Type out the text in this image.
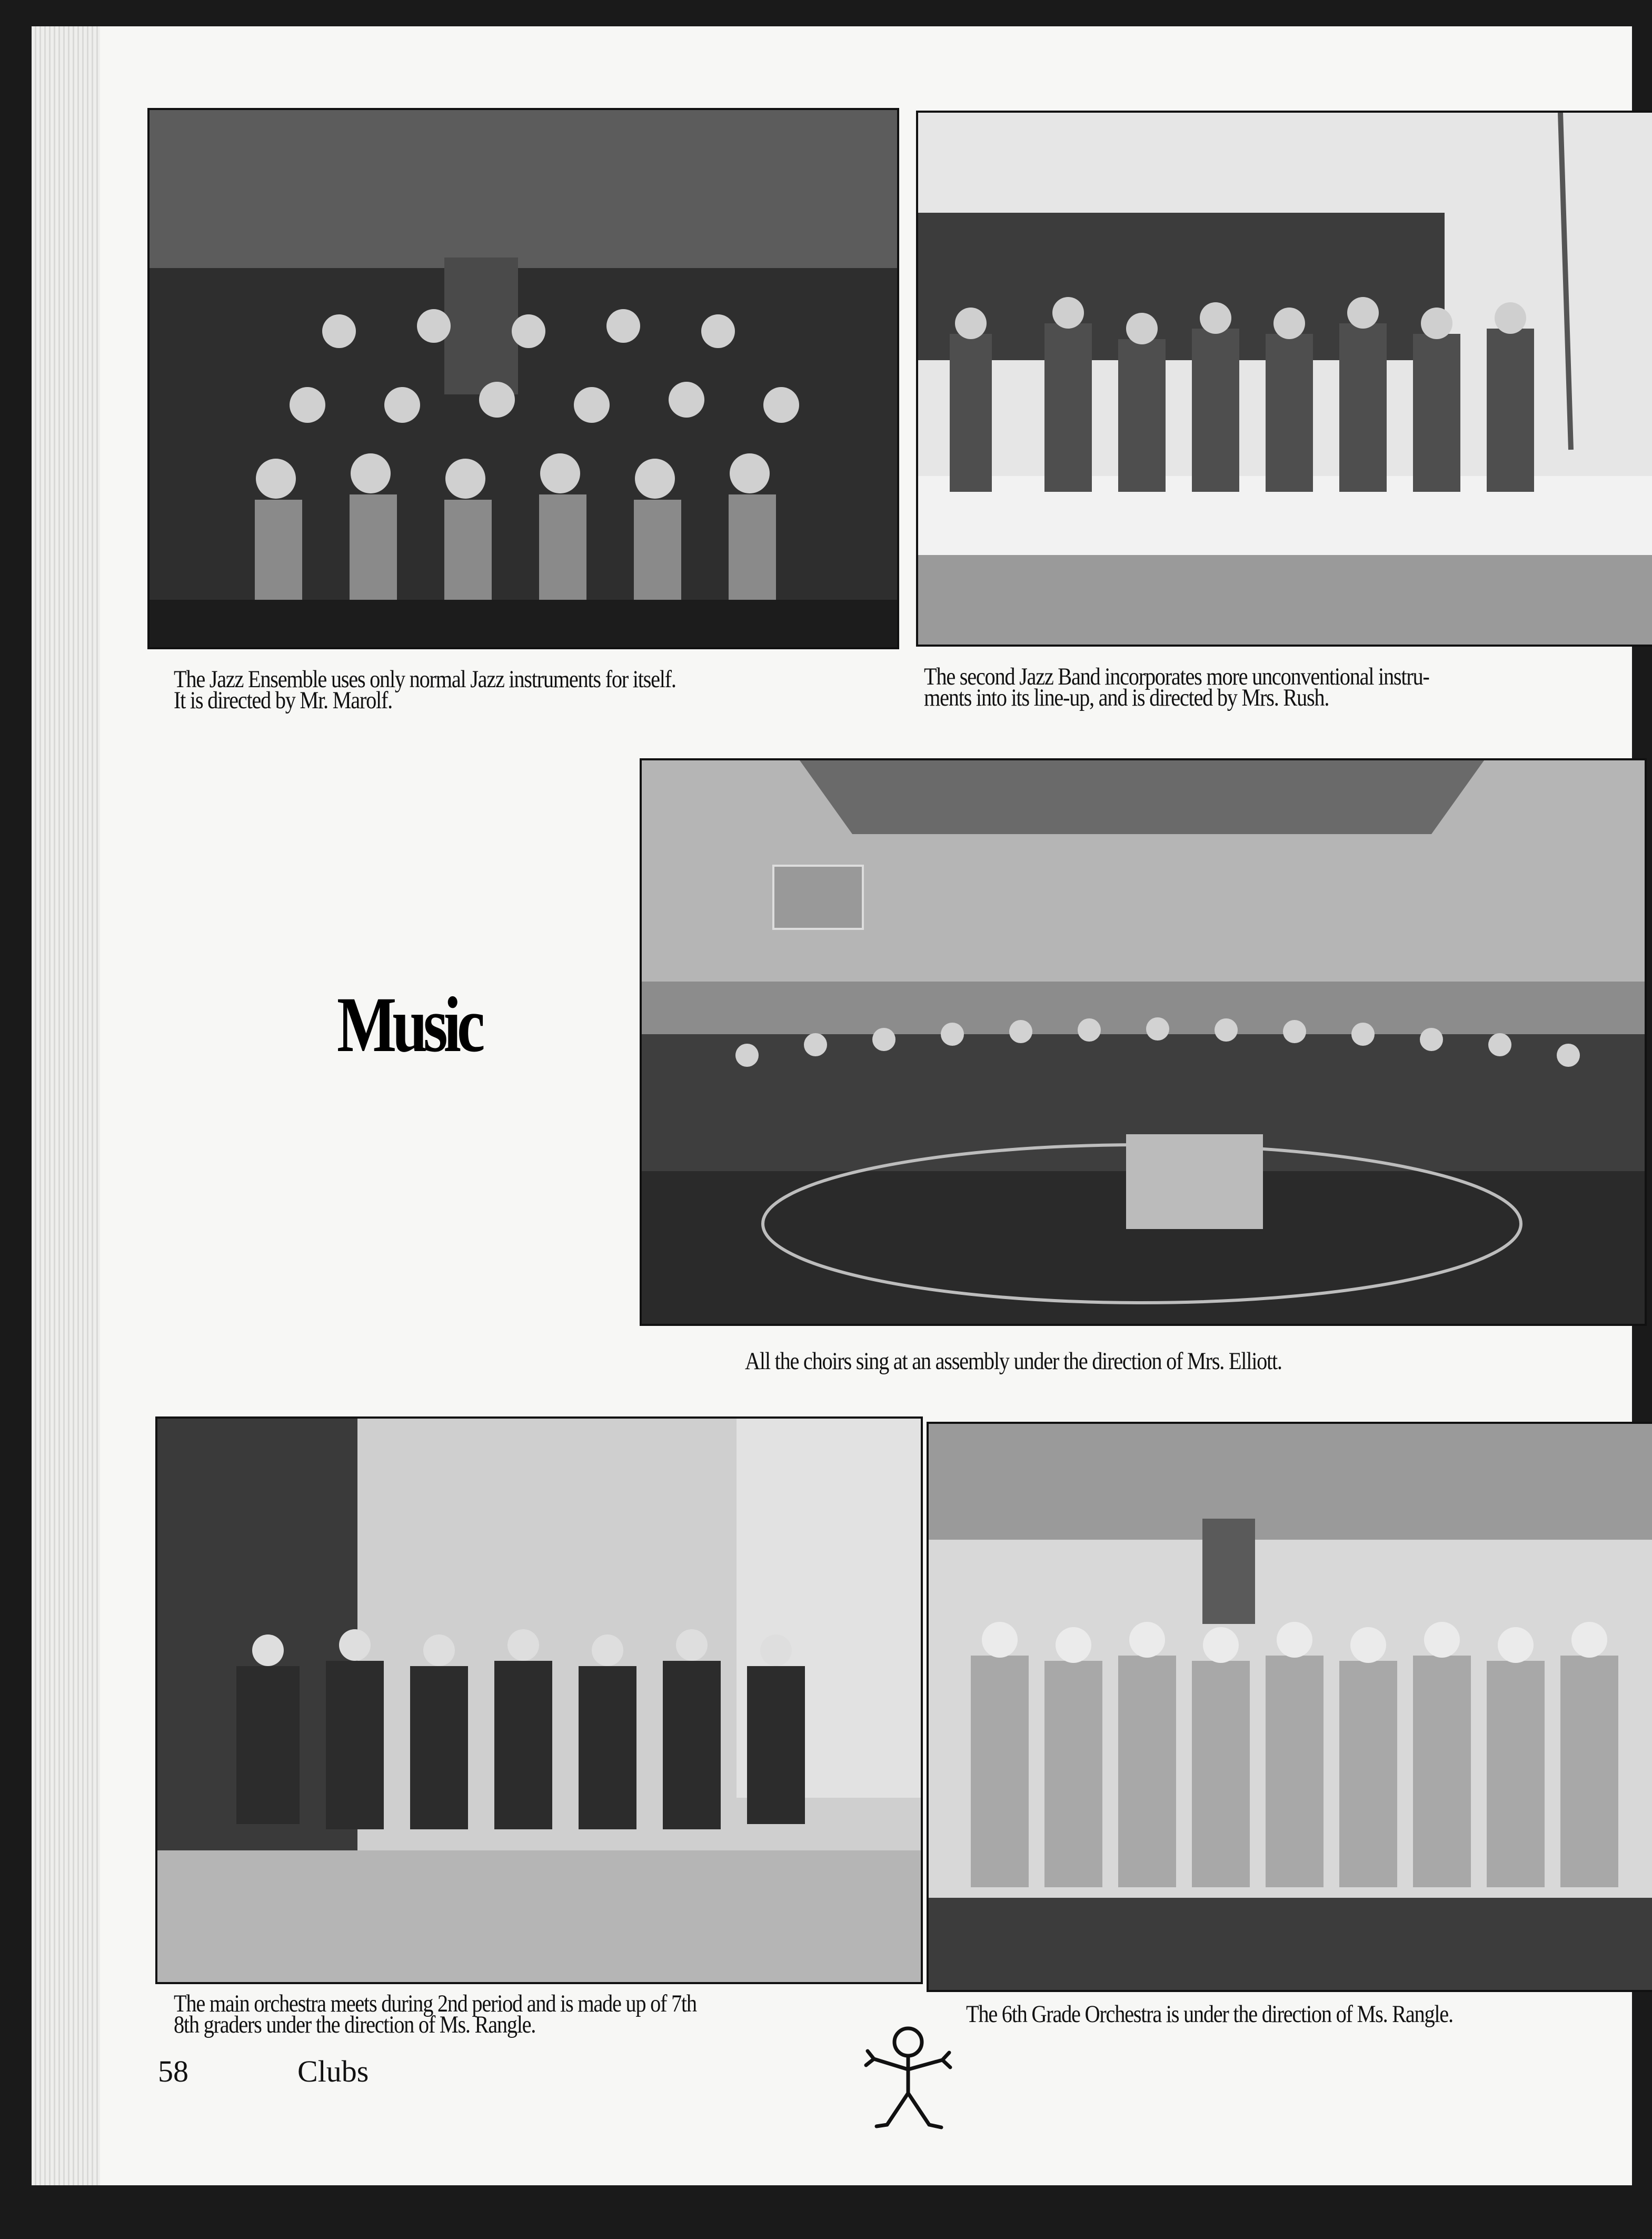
The Jazz Ensemble uses only normal Jazz instruments for itself.
It is directed by Mr. Marolf.

The second Jazz Band incorporates more unconventional instru-
ments into its line-up, and is directed by Mrs. Rush.

Music

All the choirs sing at an assembly under the direction of Mrs. Elliott.

The main orchestra meets during 2nd period and is made up of 7th
8th graders under the direction of Ms. Rangle.	The 6th Grade Orchestra is under the direction of Ms. Rangle.

58	Clubs
